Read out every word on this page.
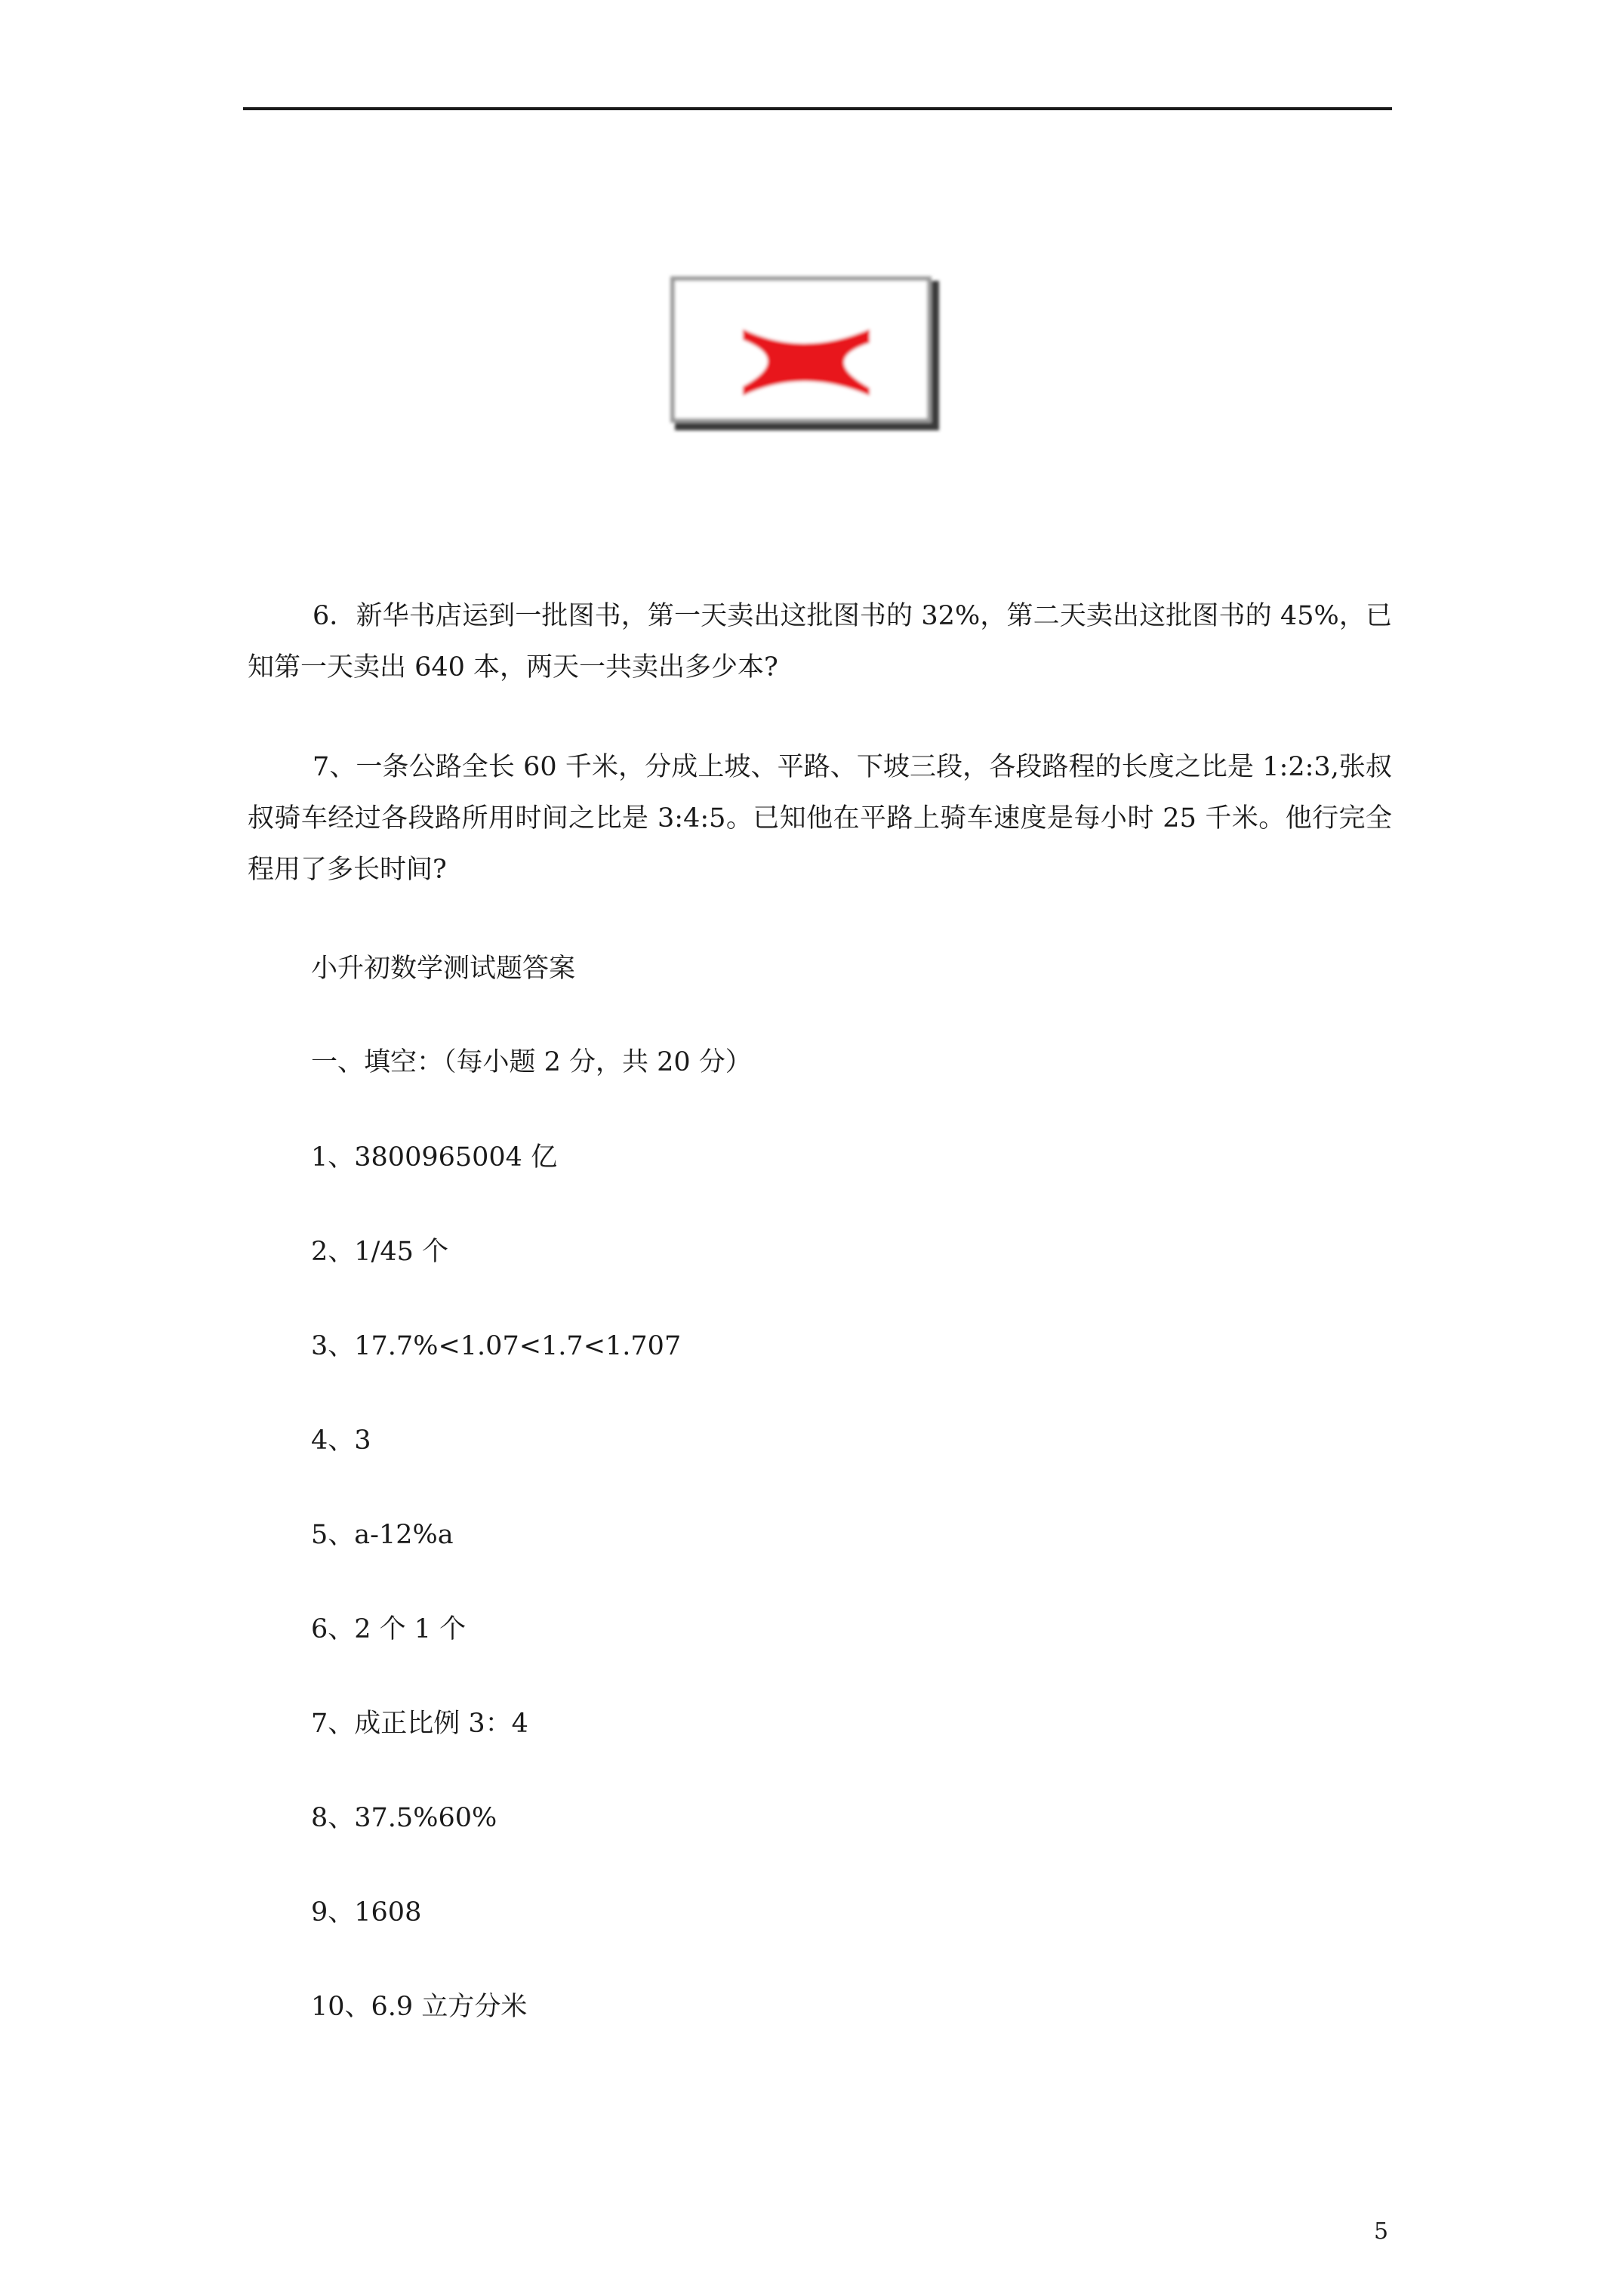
6．新华书店运到一批图书，第一天卖出这批图书的 32%，第二天卖出这批图书的 45%，已知第一天卖出 640 本，两天一共卖出多少本?

7、一条公路全长 60 千米，分成上坡、平路、下坡三段，各段路程的长度之比是 1:2:3,张叔叔骑车经过各段路所用时间之比是 3:4:5。已知他在平路上骑车速度是每小时 25 千米。他行完全程用了多长时间?

小升初数学测试题答案

一、填空：（每小题 2 分，共 20 分）

1、3800965004 亿

2、1/45 个

3、17.7%<1.07<1.7<1.707

4、3

5、a-12%a

6、2 个 1 个

7、成正比例 3：4

8、37.5%60%

9、1608

10、6.9 立方分米

5
